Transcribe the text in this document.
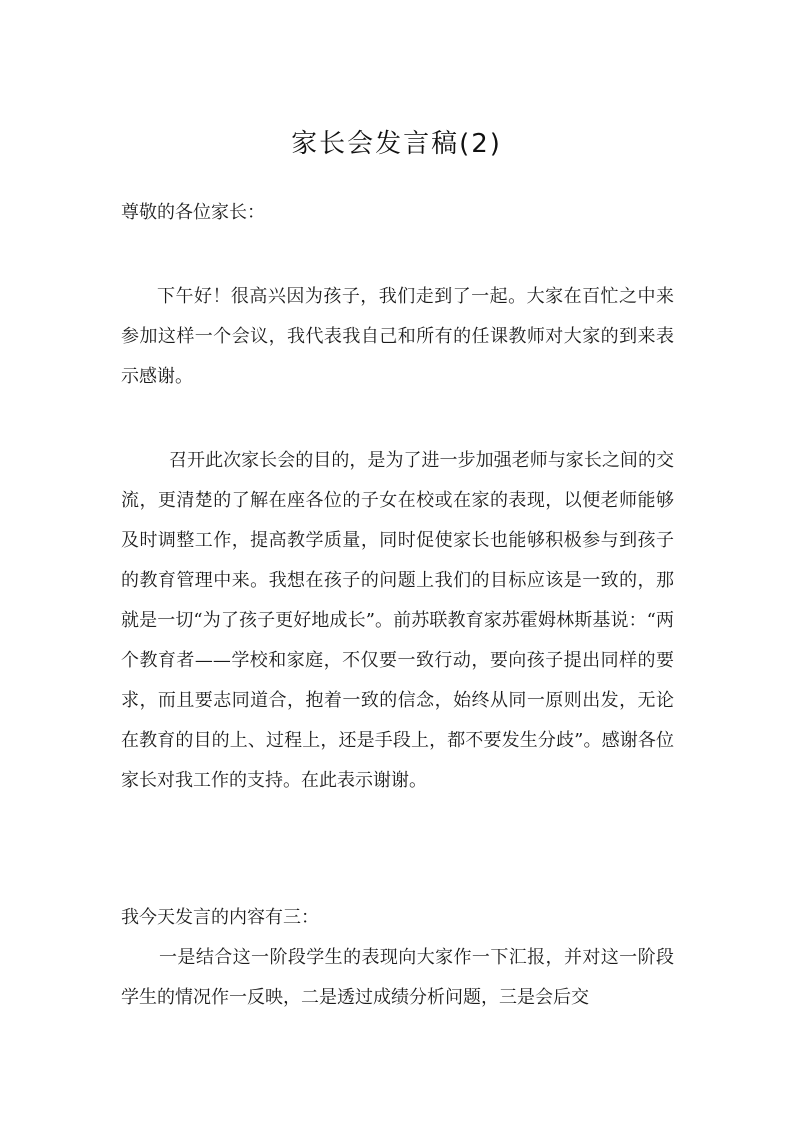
家长会发言稿(2)

尊敬的各位家长：

下午好！很高兴因为孩子，我们走到了一起。大家在百忙之中来参加这样一个会议，我代表我自己和所有的任课教师对大家的到来表示感谢。

召开此次家长会的目的，是为了进一步加强老师与家长之间的交流，更清楚的了解在座各位的子女在校或在家的表现，以便老师能够及时调整工作，提高教学质量，同时促使家长也能够积极参与到孩子的教育管理中来。我想在孩子的问题上我们的目标应该是一致的，那就是一切“为了孩子更好地成长”。前苏联教育家苏霍姆林斯基说：“两个教育者——学校和家庭，不仅要一致行动，要向孩子提出同样的要求，而且要志同道合，抱着一致的信念，始终从同一原则出发，无论在教育的目的上、过程上，还是手段上，都不要发生分歧”。感谢各位家长对我工作的支持。在此表示谢谢。

我今天发言的内容有三：

一是结合这一阶段学生的表现向大家作一下汇报，并对这一阶段学生的情况作一反映，二是透过成绩分析问题，三是会后交
